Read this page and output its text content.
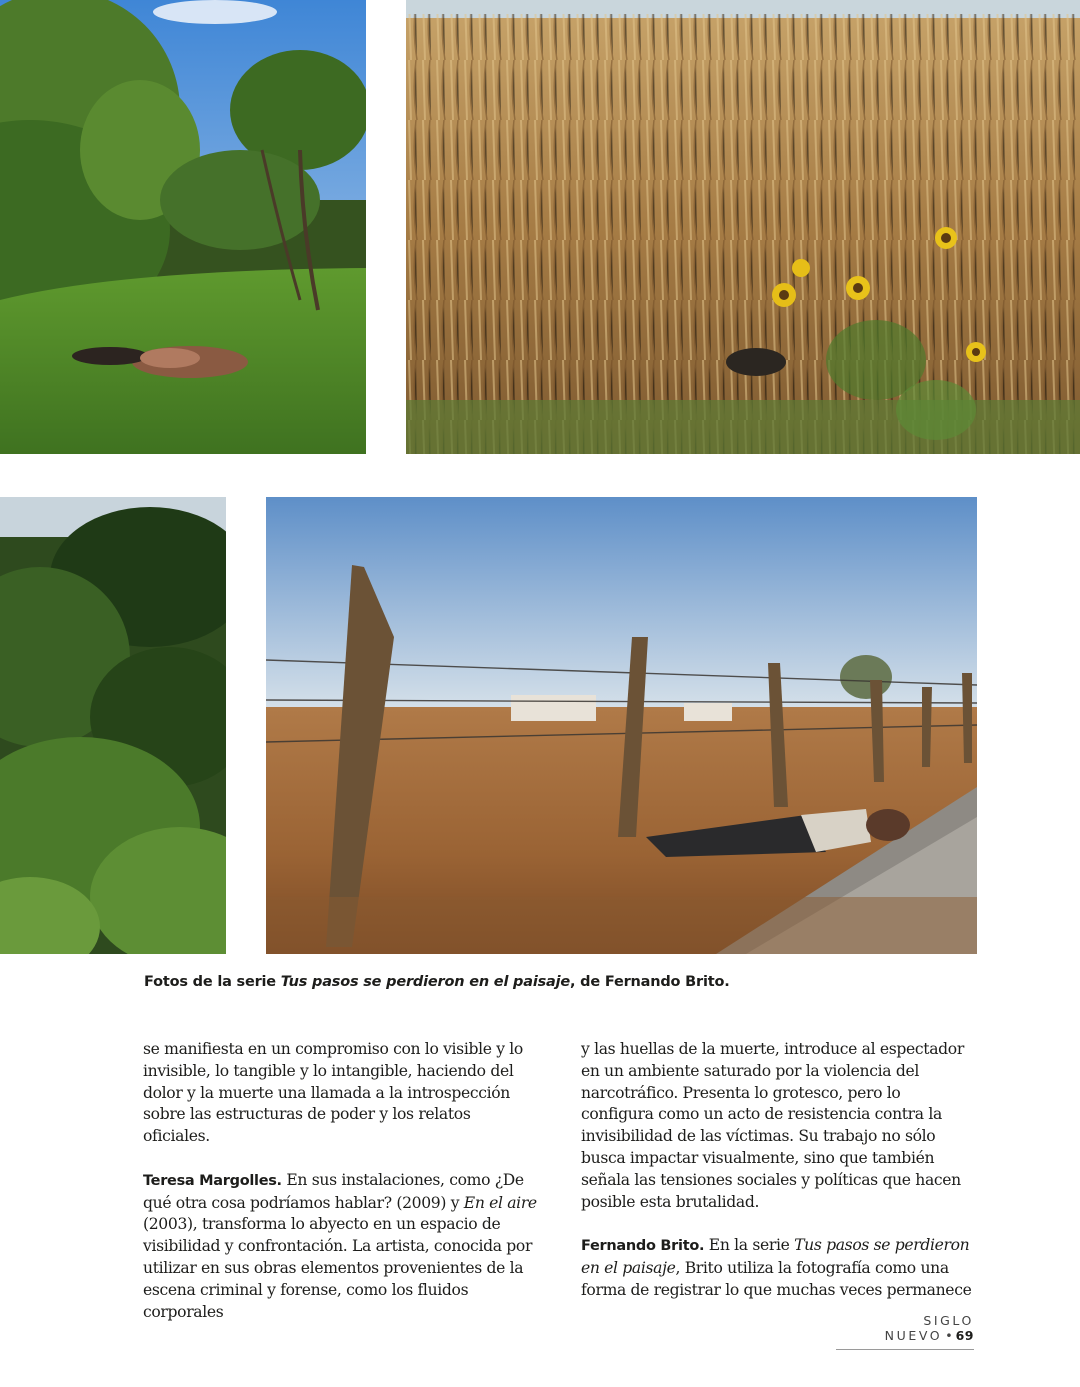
Fotos de la serie Tus pasos se perdieron en el paisaje, de Fernando Brito.

se manifiesta en un compromiso con lo visible y lo invisible, lo tangible y lo intangible, haciendo del dolor y la muerte una llamada a la introspección sobre las estructuras de poder y los relatos oficiales.

Teresa Margolles. En sus instalaciones, como ¿De qué otra cosa podríamos hablar? (2009) y En el aire (2003), transforma lo abyecto en un espacio de visibilidad y confrontación. La artista, conocida por utilizar en sus obras elementos provenientes de la escena criminal y forense, como los fluidos corporales

y las huellas de la muerte, introduce al espectador en un ambiente saturado por la violencia del narcotráfico. Presenta lo grotesco, pero lo configura como un acto de resistencia contra la invisibilidad de las víctimas. Su trabajo no sólo busca impactar visualmente, sino que también señala las tensiones sociales y políticas que hacen posible esta brutalidad.

Fernando Brito. En la serie Tus pasos se perdieron en el paisaje, Brito utiliza la fotografía como una forma de registrar lo que muchas veces permanece

SIGLO NUEVO • 69
